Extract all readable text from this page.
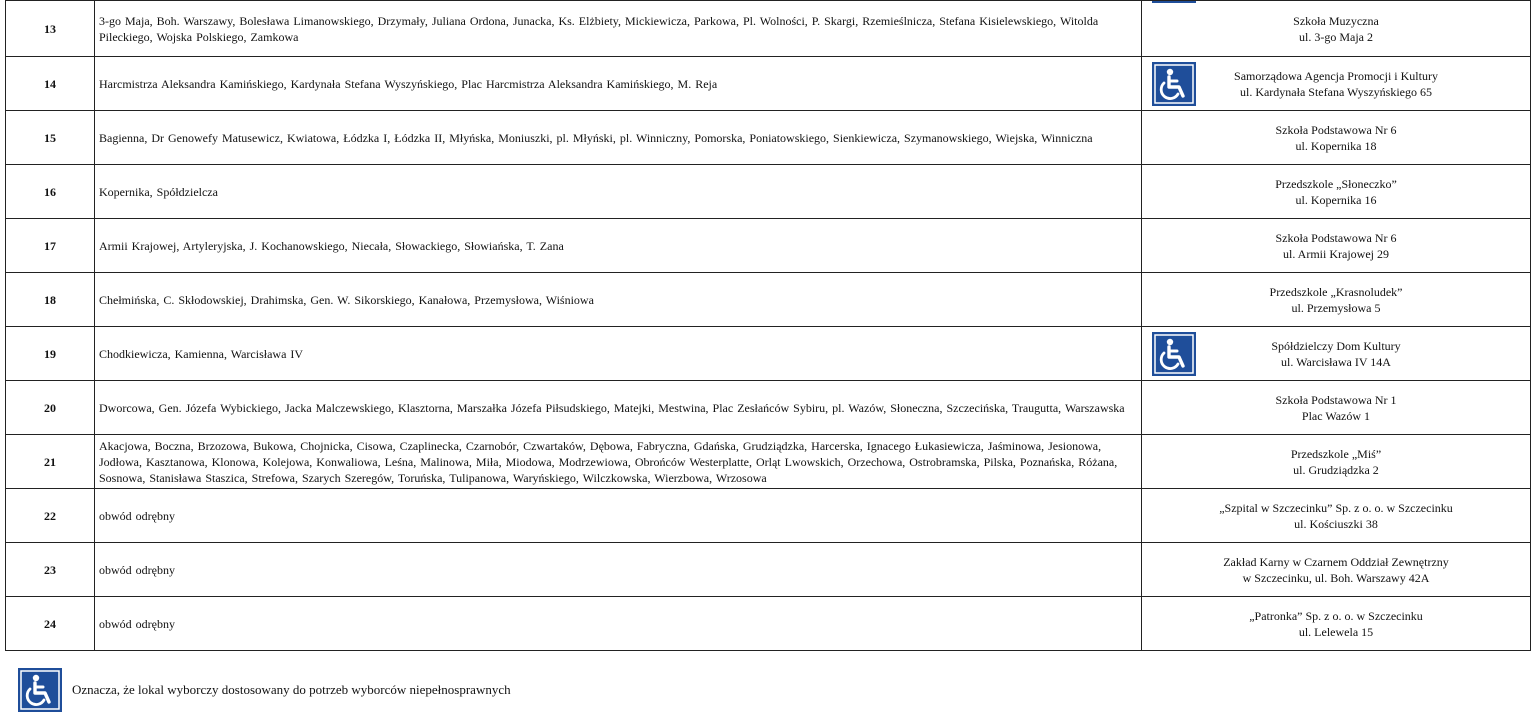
13	3-go Maja, Boh. Warszawy, Bolesława Limanowskiego, Drzymały, Juliana Ordona, Junacka, Ks. Elżbiety, Mickiewicza, Parkowa, Pl. Wolności, P. Skargi, Rzemieślnicza, Stefana Kisielewskiego, Witolda Pileckiego, Wojska Polskiego, Zamkowa	Szkoła Muzyczna
ul. 3-go Maja 2	

14	Harcmistrza Aleksandra Kamińskiego, Kardynała Stefana Wyszyńskiego, Plac Harcmistrza Aleksandra Kamińskiego, M. Reja	Samorządowa Agencja Promocji i Kultury
ul. Kardynała Stefana Wyszyńskiego 65	

15	Bagienna, Dr Genowefy Matusewicz, Kwiatowa, Łódzka I, Łódzka II, Młyńska, Moniuszki, pl. Młyński, pl. Winniczny, Pomorska, Poniatowskiego, Sienkiewicza, Szymanowskiego, Wiejska, Winniczna	Szkoła Podstawowa Nr 6
ul. Kopernika 18	

16	Kopernika, Spółdzielcza	Przedszkole „Słoneczko”
ul. Kopernika 16	

17	Armii Krajowej, Artyleryjska, J. Kochanowskiego, Niecała, Słowackiego, Słowiańska, T. Zana	Szkoła Podstawowa Nr 6
ul. Armii Krajowej 29	

18	Chełmińska, C. Skłodowskiej, Drahimska, Gen. W. Sikorskiego, Kanałowa, Przemysłowa, Wiśniowa	Przedszkole „Krasnoludek”
ul. Przemysłowa 5	

19	Chodkiewicza, Kamienna, Warcisława IV	Spółdzielczy Dom Kultury
ul. Warcisława IV 14A	

20	Dworcowa, Gen. Józefa Wybickiego, Jacka Malczewskiego, Klasztorna, Marszałka Józefa Piłsudskiego, Matejki, Mestwina, Plac Zesłańców Sybiru, pl. Wazów, Słoneczna, Szczecińska, Traugutta, Warszawska	Szkoła Podstawowa Nr 1
Plac Wazów 1	

21	Akacjowa, Boczna, Brzozowa, Bukowa, Chojnicka, Cisowa, Czaplinecka, Czarnobór, Czwartaków, Dębowa, Fabryczna, Gdańska, Grudziądzka, Harcerska, Ignacego Łukasiewicza, Jaśminowa, Jesionowa, Jodłowa, Kasztanowa, Klonowa, Kolejowa, Konwaliowa, Leśna, Malinowa, Miła, Miodowa, Modrzewiowa, Obrońców Westerplatte, Orląt Lwowskich, Orzechowa, Ostrobramska, Pilska, Poznańska, Różana, Sosnowa, Stanisława Staszica, Strefowa, Szarych Szeregów, Toruńska, Tulipanowa, Waryńskiego, Wilczkowska, Wierzbowa, Wrzosowa	Przedszkole „Miś”
ul. Grudziądzka 2	

22	obwód odrębny	„Szpital w Szczecinku” Sp. z o. o. w Szczecinku
ul. Kościuszki 38	

23	obwód odrębny	Zakład Karny w Czarnem Oddział Zewnętrzny
w Szczecinku, ul. Boh. Warszawy 42A	

24	obwód odrębny	„Patronka” Sp. z o. o. w Szczecinku
ul. Lelewela 15	

Oznacza, że lokal wyborczy dostosowany do potrzeb wyborców niepełnosprawnych
